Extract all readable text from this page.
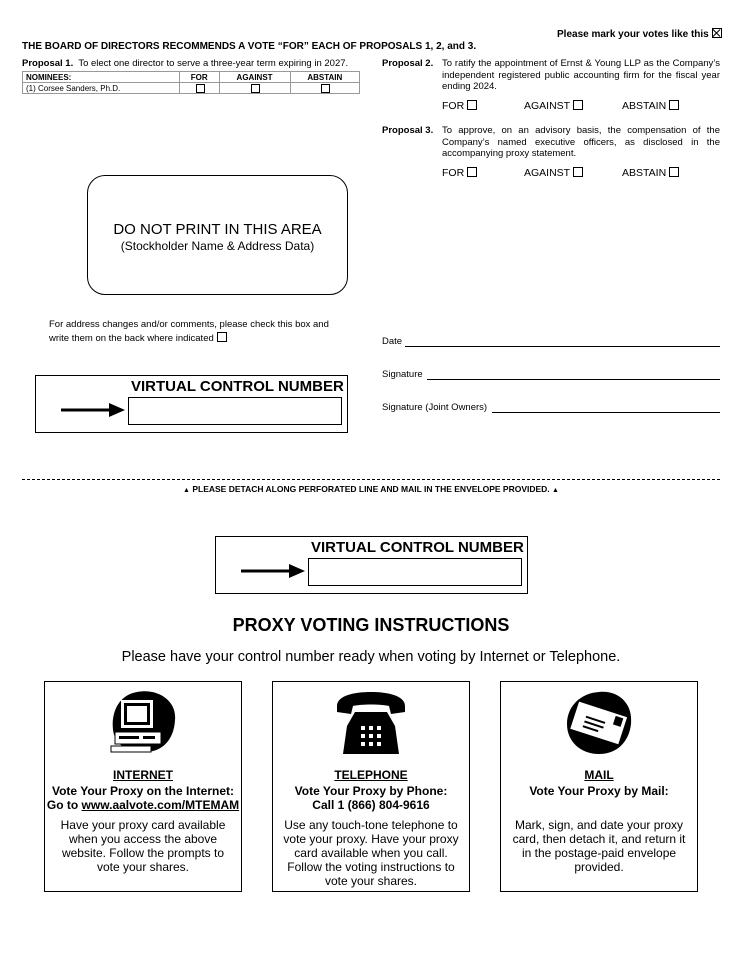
Please mark your votes like this
THE BOARD OF DIRECTORS RECOMMENDS A VOTE “FOR” EACH OF PROPOSALS 1, 2, and 3.
Proposal 1. To elect one director to serve a three-year term expiring in 2027.
NOMINEES:	FOR	AGAINST	ABSTAIN
(1) Corsee Sanders, Ph.D.			
Proposal 2. To ratify the appointment of Ernst & Young LLP as the Company’s independent registered public accounting firm for the fiscal year ending 2024.
FOR	AGAINST	ABSTAIN
Proposal 3. To approve, on an advisory basis, the compensation of the Company’s named executive officers, as disclosed in the accompanying proxy statement.
FOR	AGAINST	ABSTAIN
DO NOT PRINT IN THIS AREA
(Stockholder Name & Address Data)
For address changes and/or comments, please check this box and
write them on the back where indicated	Date
Signature
Signature (Joint Owners)
VIRTUAL CONTROL NUMBER
▲ PLEASE DETACH ALONG PERFORATED LINE AND MAIL IN THE ENVELOPE PROVIDED. ▲
VIRTUAL CONTROL NUMBER
PROXY VOTING INSTRUCTIONS
Please have your control number ready when voting by Internet or Telephone.
INTERNET
Vote Your Proxy on the Internet:
Go to www.aalvote.com/MTEMAM
Have your proxy card available when you access the above website. Follow the prompts to vote your shares.
TELEPHONE
Vote Your Proxy by Phone:
Call 1 (866) 804-9616
Use any touch-tone telephone to vote your proxy. Have your proxy card available when you call. Follow the voting instructions to vote your shares.
MAIL
Vote Your Proxy by Mail:
Mark, sign, and date your proxy card, then detach it, and return it in the postage-paid envelope provided.
